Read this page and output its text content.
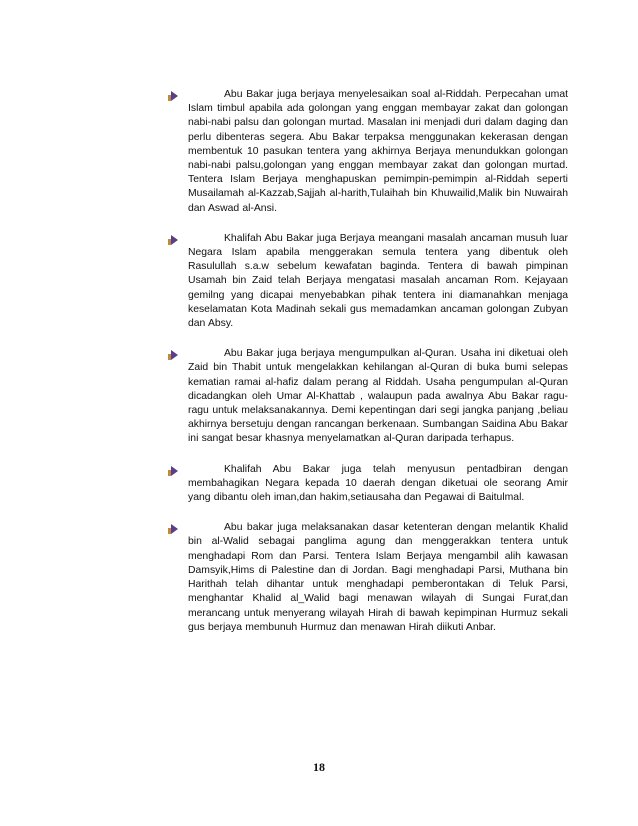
Abu Bakar juga berjaya menyelesaikan soal al-Riddah. Perpecahan umat Islam timbul apabila ada golongan yang enggan membayar zakat dan golongan nabi-nabi palsu dan golongan murtad. Masalan ini menjadi duri dalam daging dan perlu dibenteras segera. Abu Bakar terpaksa menggunakan kekerasan dengan membentuk 10 pasukan tentera yang akhirnya Berjaya menundukkan golongan nabi-nabi palsu,golongan yang enggan membayar zakat dan golongan murtad. Tentera Islam Berjaya menghapuskan pemimpin-pemimpin al-Riddah seperti Musailamah al-Kazzab,Sajjah al-harith,Tulaihah bin Khuwailid,Malik bin Nuwairah dan Aswad al-Ansi.

Khalifah Abu Bakar juga Berjaya meangani masalah ancaman musuh luar Negara Islam apabila menggerakan semula tentera yang dibentuk oleh Rasulullah s.a.w sebelum kewafatan baginda. Tentera di bawah pimpinan Usamah bin Zaid telah Berjaya mengatasi masalah ancaman Rom. Kejayaan gemilng yang dicapai menyebabkan pihak tentera ini diamanahkan menjaga keselamatan Kota Madinah sekali gus memadamkan ancaman golongan Zubyan dan Absy.

Abu Bakar juga berjaya mengumpulkan al-Quran. Usaha ini diketuai oleh Zaid bin Thabit untuk mengelakkan kehilangan al-Quran di buka bumi selepas kematian ramai al-hafiz dalam perang al Riddah. Usaha pengumpulan al-Quran dicadangkan oleh Umar Al-Khattab , walaupun pada awalnya Abu Bakar ragu-ragu untuk melaksanakannya. Demi kepentingan dari segi jangka panjang ,beliau akhirnya bersetuju dengan rancangan berkenaan. Sumbangan Saidina Abu Bakar ini sangat besar khasnya menyelamatkan al-Quran daripada terhapus.

Khalifah Abu Bakar juga telah menyusun pentadbiran dengan membahagikan Negara kepada 10 daerah dengan diketuai ole seorang Amir yang dibantu oleh iman,dan hakim,setiausaha dan Pegawai di Baitulmal.

Abu bakar juga melaksanakan dasar ketenteran dengan melantik Khalid bin al-Walid sebagai panglima agung dan menggerakkan tentera untuk menghadapi Rom dan Parsi. Tentera Islam Berjaya mengambil alih kawasan Damsyik,Hims di Palestine dan di Jordan. Bagi menghadapi Parsi, Muthana bin Harithah telah dihantar untuk menghadapi pemberontakan di Teluk Parsi, menghantar Khalid al_Walid bagi menawan wilayah di Sungai Furat,dan merancang untuk menyerang wilayah Hirah di bawah kepimpinan Hurmuz sekali gus berjaya membunuh Hurmuz dan menawan Hirah diikuti Anbar.

18
